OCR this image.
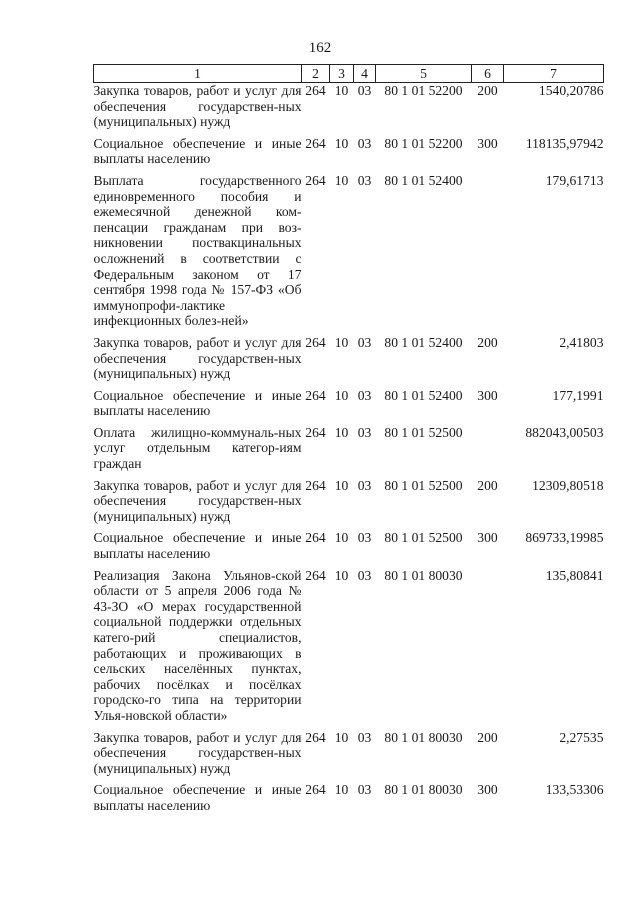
162
1	2	3	4	5	6	7
Закупка товаров, работ и услуг для обеспечения государствен-ных (муниципальных) нужд	264	10	03	80 1 01 52200	200	1540,20786
Социальное обеспечение и иные выплаты населению	264	10	03	80 1 01 52200	300	118135,97942
Выплата государственного единовременного пособия и ежемесячной денежной ком-пенсации гражданам при воз-никновении поствакцинальных осложнений в соответствии с Федеральным законом от 17 сентября 1998 года № 157-ФЗ «Об иммунопрофи-лактике инфекционных болез-ней»	264	10	03	80 1 01 52400		179,61713
Закупка товаров, работ и услуг для обеспечения государствен-ных (муниципальных) нужд	264	10	03	80 1 01 52400	200	2,41803
Социальное обеспечение и иные выплаты населению	264	10	03	80 1 01 52400	300	177,1991
Оплата жилищно-коммуналь-ных услуг отдельным категор-иям граждан	264	10	03	80 1 01 52500		882043,00503
Закупка товаров, работ и услуг для обеспечения государствен-ных (муниципальных) нужд	264	10	03	80 1 01 52500	200	12309,80518
Социальное обеспечение и иные выплаты населению	264	10	03	80 1 01 52500	300	869733,19985
Реализация Закона Ульянов-ской области от 5 апреля 2006 года № 43-ЗО «О мерах государственной социальной поддержки отдельных катего-рий специалистов, работающих и проживающих в сельских населённых пунктах, рабочих посёлках и посёлках городско-го типа на территории Улья-новской области»	264	10	03	80 1 01 80030		135,80841
Закупка товаров, работ и услуг для обеспечения государствен-ных (муниципальных) нужд	264	10	03	80 1 01 80030	200	2,27535
Социальное обеспечение и иные выплаты населению	264	10	03	80 1 01 80030	300	133,53306
